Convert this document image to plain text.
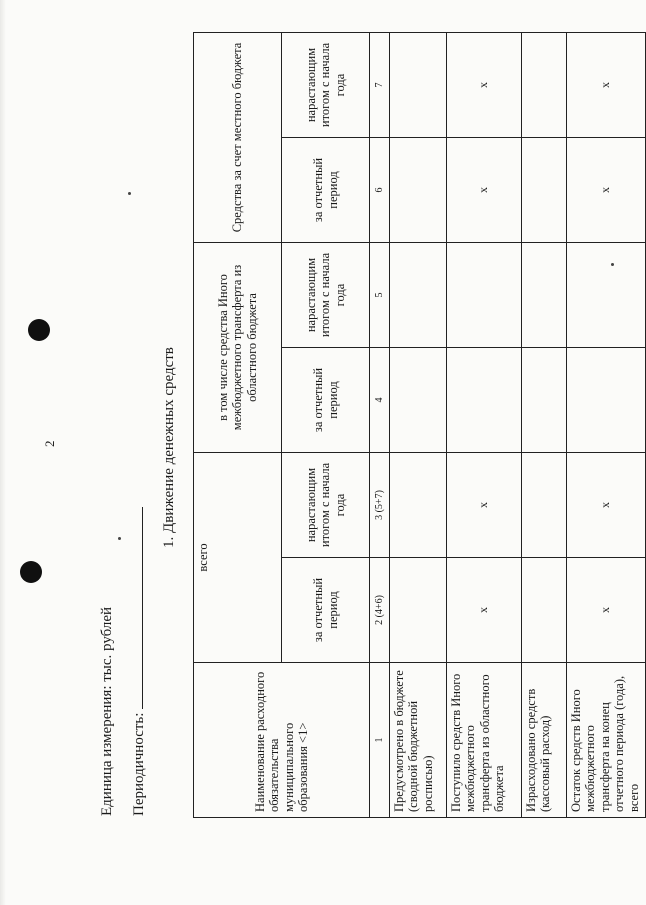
2
Единица измерения: тыс. рублей Периодичность:
1. Движение денежных средств
Наименование расходного обязательства муниципального образования <1>	всего		в том числе средства Иного межбюджетного трансферта из областного бюджета		Средства за счет местного бюджета	
	за отчетный период	нарастающим итогом с начала года	за отчетный период	нарастающим итогом с начала года	за отчетный период	нарастающим итогом с начала года
1	2 (4+6)	3 (5+7)	4	5	6	7
Предусмотрено в бюджете (сводной бюджетной росписью)						
Поступило средств Иного межбюджетного трансферта из областного бюджета	x	x			x	x
Израсходовано средств (кассовый расход)						
Остаток средств Иного межбюджетного трансферта на конец отчетного периода (года), всего	x	x			x	x
